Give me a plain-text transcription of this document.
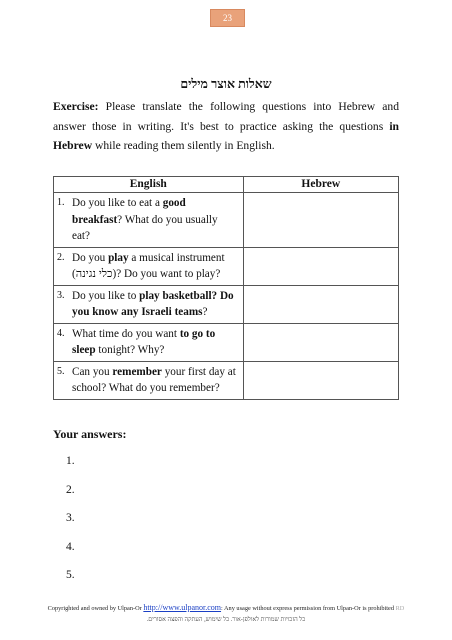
23
שאלות אוצר מילים
Exercise: Please translate the following questions into Hebrew and answer those in writing. It's best to practice asking the questions in Hebrew while reading them silently in English.
English	Hebrew

1. Do you like to eat a good breakfast? What do you usually eat?	

2. Do you play a musical instrument (כלי נגינה)? Do you want to play?	

3. Do you like to play basketball? Do you know any Israeli teams?	

4. What time do you want to go to sleep tonight? Why?	

5. Can you remember your first day at school? What do you remember?	

Your answers:
1.
2.
3.
4.
5.
Copyrighted and owned by Ulpan-Or http://www.ulpanor.com: Any usage without express permission from Ulpan-Or is prohibited RD
כל הזכויות שמורות לאולפן-אור. כל שימוש, העתקה והפצה אסורים.
